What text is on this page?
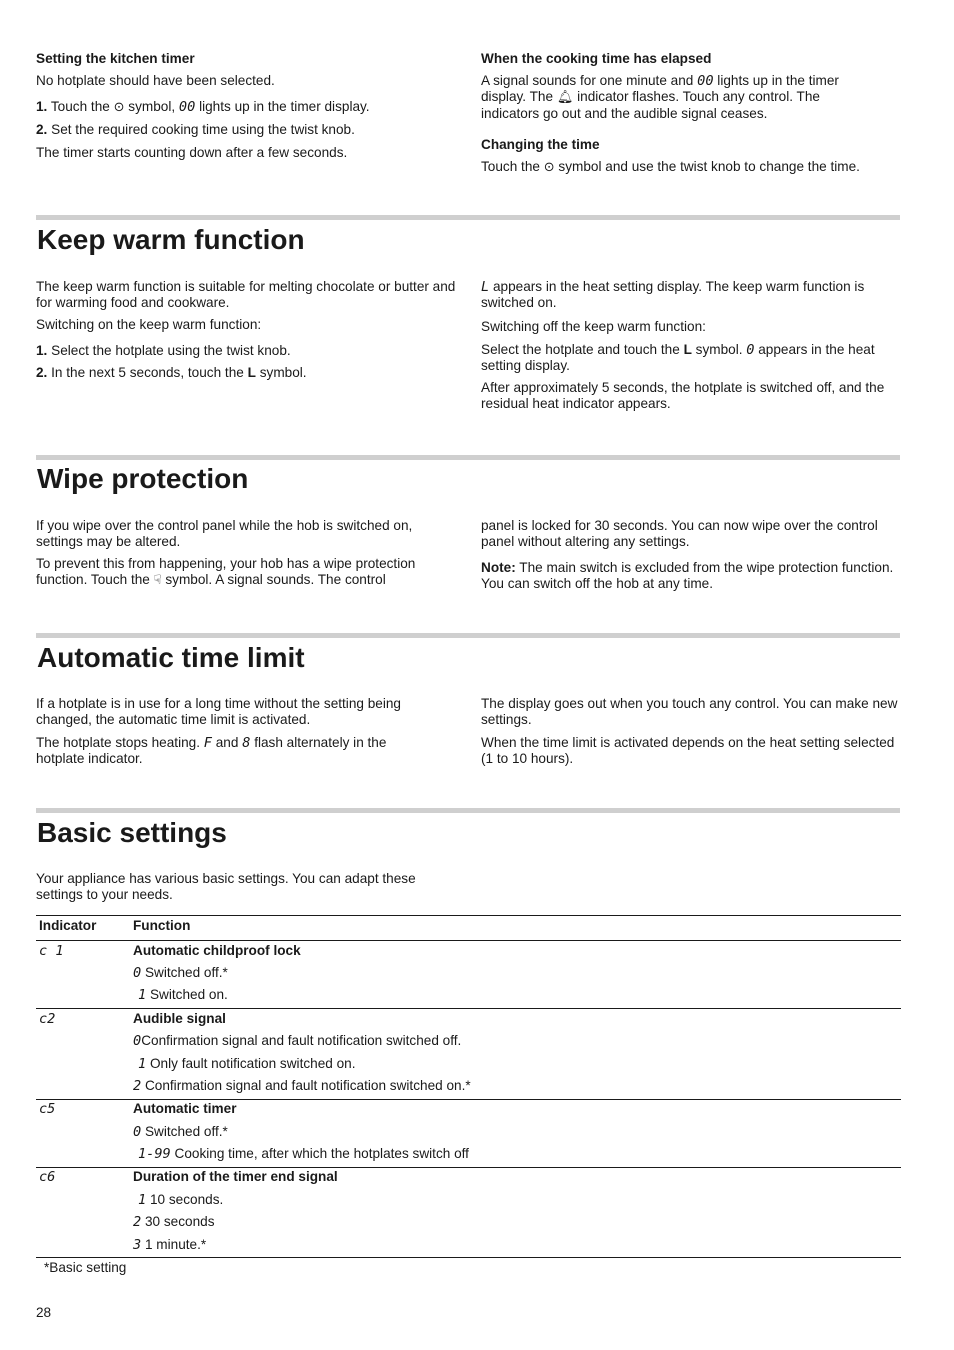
Setting the kitchen timer

No hotplate should have been selected.

1. Touch the ⊙ symbol, 00 lights up in the timer display.

2. Set the required cooking time using the twist knob.

The timer starts counting down after a few seconds.

When the cooking time has elapsed

A signal sounds for one minute and 00 lights up in the timer

display. The 🔔︎ indicator flashes. Touch any control. The

indicators go out and the audible signal ceases.

Changing the time

Touch the ⊙ symbol and use the twist knob to change the time.

Keep warm function

The keep warm function is suitable for melting chocolate or butter and for warming food and cookware.

Switching on the keep warm function:

1. Select the hotplate using the twist knob.

2. In the next 5 seconds, touch the L symbol.

L appears in the heat setting display. The keep warm function is switched on.

Switching off the keep warm function:

Select the hotplate and touch the L symbol. 0 appears in the heat setting display.

After approximately 5 seconds, the hotplate is switched off, and the residual heat indicator appears.

Wipe protection

If you wipe over the control panel while the hob is switched on, settings may be altered.

To prevent this from happening, your hob has a wipe protection

function. Touch the ☟ symbol. A signal sounds. The control

panel is locked for 30 seconds. You can now wipe over the control panel without altering any settings.

Note: The main switch is excluded from the wipe protection function. You can switch off the hob at any time.

Automatic time limit

If a hotplate is in use for a long time without the setting being changed, the automatic time limit is activated.

The hotplate stops heating. F and 8 flash alternately in the

hotplate indicator.

The display goes out when you touch any control. You can make new settings.

When the time limit is activated depends on the heat setting selected (1 to 10 hours).

Basic settings
Your appliance has various basic settings. You can adapt these settings to your needs.
Indicator	Function
c 1	Automatic childproof lock
0 Switched off.*
1 Switched on.
c2	Audible signal
0Confirmation signal and fault notification switched off.
1 Only fault notification switched on.
2 Confirmation signal and fault notification switched on.*
c5	Automatic timer
0 Switched off.*
1-99 Cooking time, after which the hotplates switch off
c6	Duration of the timer end signal
1 10 seconds.
2 30 seconds
3 1 minute.*
*Basic setting
28
